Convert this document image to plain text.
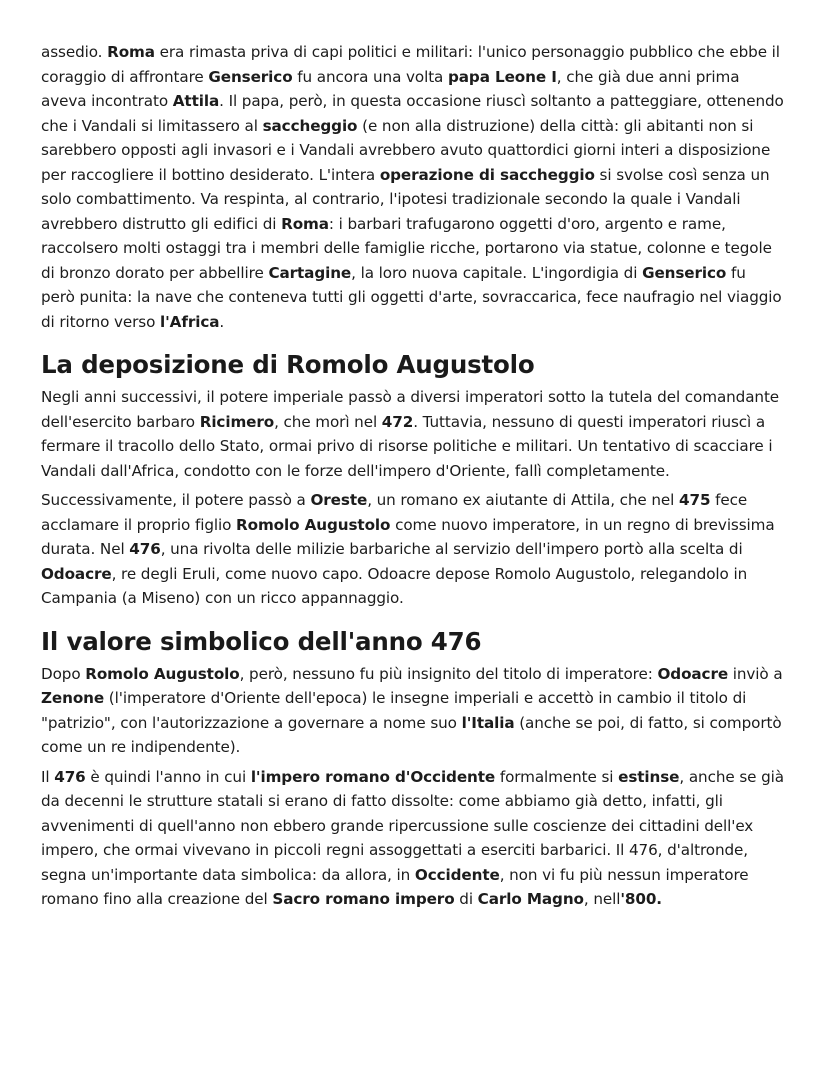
assedio. Roma era rimasta priva di capi politici e militari: l'unico personaggio pubblico che ebbe il coraggio di affrontare Genserico fu ancora una volta papa Leone I, che già due anni prima aveva incontrato Attila. Il papa, però, in questa occasione riuscì soltanto a patteggiare, ottenendo che i Vandali si limitassero al saccheggio (e non alla distruzione) della città: gli abitanti non si sarebbero opposti agli invasori e i Vandali avrebbero avuto quattordici giorni interi a disposizione per raccogliere il bottino desiderato. L'intera operazione di saccheggio si svolse così senza un solo combattimento. Va respinta, al contrario, l'ipotesi tradizionale secondo la quale i Vandali avrebbero distrutto gli edifici di Roma: i barbari trafugarono oggetti d'oro, argento e rame, raccolsero molti ostaggi tra i membri delle famiglie ricche, portarono via statue, colonne e tegole di bronzo dorato per abbellire Cartagine, la loro nuova capitale. L'ingordigia di Genserico fu però punita: la nave che conteneva tutti gli oggetti d'arte, sovraccarica, fece naufragio nel viaggio di ritorno verso l'Africa.

La deposizione di Romolo Augustolo

Negli anni successivi, il potere imperiale passò a diversi imperatori sotto la tutela del comandante dell'esercito barbaro Ricimero, che morì nel 472. Tuttavia, nessuno di questi imperatori riuscì a fermare il tracollo dello Stato, ormai privo di risorse politiche e militari. Un tentativo di scacciare i Vandali dall'Africa, condotto con le forze dell'impero d'Oriente, fallì completamente.

Successivamente, il potere passò a Oreste, un romano ex aiutante di Attila, che nel 475 fece acclamare il proprio figlio Romolo Augustolo come nuovo imperatore, in un regno di brevissima durata. Nel 476, una rivolta delle milizie barbariche al servizio dell'impero portò alla scelta di Odoacre, re degli Eruli, come nuovo capo. Odoacre depose Romolo Augustolo, relegandolo in Campania (a Miseno) con un ricco appannaggio.

Il valore simbolico dell'anno 476

Dopo Romolo Augustolo, però, nessuno fu più insignito del titolo di imperatore: Odoacre inviò a Zenone (l'imperatore d'Oriente dell'epoca) le insegne imperiali e accettò in cambio il titolo di "patrizio", con l'autorizzazione a governare a nome suo l'Italia (anche se poi, di fatto, si comportò come un re indipendente).

Il 476 è quindi l'anno in cui l'impero romano d'Occidente formalmente si estinse, anche se già da decenni le strutture statali si erano di fatto dissolte: come abbiamo già detto, infatti, gli avvenimenti di quell'anno non ebbero grande ripercussione sulle coscienze dei cittadini dell'ex impero, che ormai vivevano in piccoli regni assoggettati a eserciti barbarici. Il 476, d'altronde, segna un'importante data simbolica: da allora, in Occidente, non vi fu più nessun imperatore romano fino alla creazione del Sacro romano impero di Carlo Magno, nell'800.
